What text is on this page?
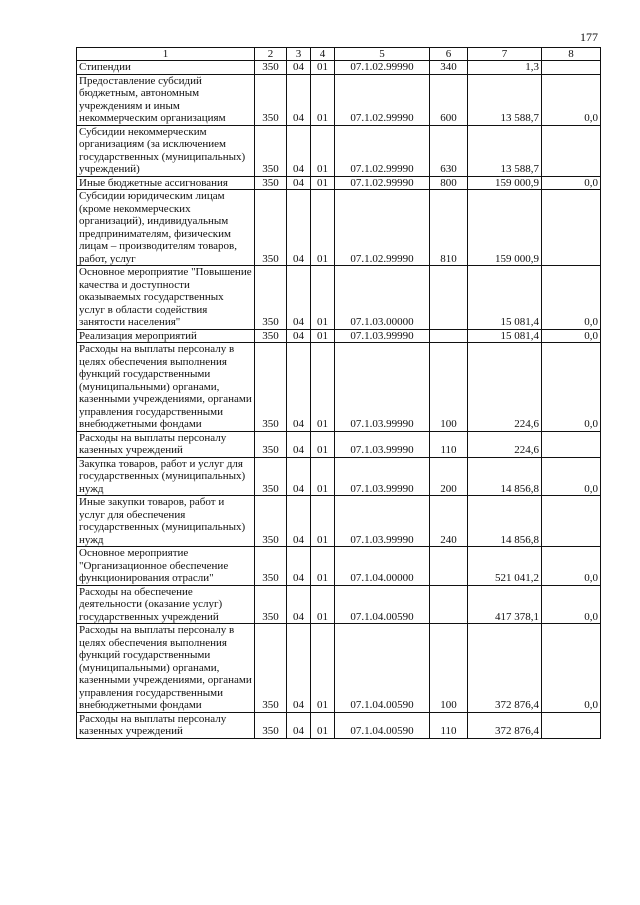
177
1	2	3	4	5	6	7	8
Стипендии	350	04	01	07.1.02.99990	340	1,3	
Предоставление субсидий бюджетным, автономным учреждениям и иным некоммерческим организациям	350	04	01	07.1.02.99990	600	13 588,7	0,0
Субсидии некоммерческим организациям (за исключением государственных (муниципальных) учреждений)	350	04	01	07.1.02.99990	630	13 588,7	
Иные бюджетные ассигнования	350	04	01	07.1.02.99990	800	159 000,9	0,0
Субсидии юридическим лицам (кроме некоммерческих организаций), индивидуальным предпринимателям, физическим лицам – производителям товаров, работ, услуг	350	04	01	07.1.02.99990	810	159 000,9	
Основное мероприятие "Повышение качества и доступности оказываемых государственных услуг в области содействия занятости населения"	350	04	01	07.1.03.00000		15 081,4	0,0
Реализация мероприятий	350	04	01	07.1.03.99990		15 081,4	0,0
Расходы на выплаты персоналу в целях обеспечения выполнения функций государственными (муниципальными) органами, казенными учреждениями, органами управления государственными внебюджетными фондами	350	04	01	07.1.03.99990	100	224,6	0,0
Расходы на выплаты персоналу казенных учреждений	350	04	01	07.1.03.99990	110	224,6	
Закупка товаров, работ и услуг для государственных (муниципальных) нужд	350	04	01	07.1.03.99990	200	14 856,8	0,0
Иные закупки товаров, работ и услуг для обеспечения государственных (муниципальных) нужд	350	04	01	07.1.03.99990	240	14 856,8	
Основное мероприятие "Организационное обеспечение функционирования отрасли"	350	04	01	07.1.04.00000		521 041,2	0,0
Расходы на обеспечение деятельности (оказание услуг) государственных учреждений	350	04	01	07.1.04.00590		417 378,1	0,0
Расходы на выплаты персоналу в целях обеспечения выполнения функций государственными (муниципальными) органами, казенными учреждениями, органами управления государственными внебюджетными фондами	350	04	01	07.1.04.00590	100	372 876,4	0,0
Расходы на выплаты персоналу казенных учреждений	350	04	01	07.1.04.00590	110	372 876,4	
